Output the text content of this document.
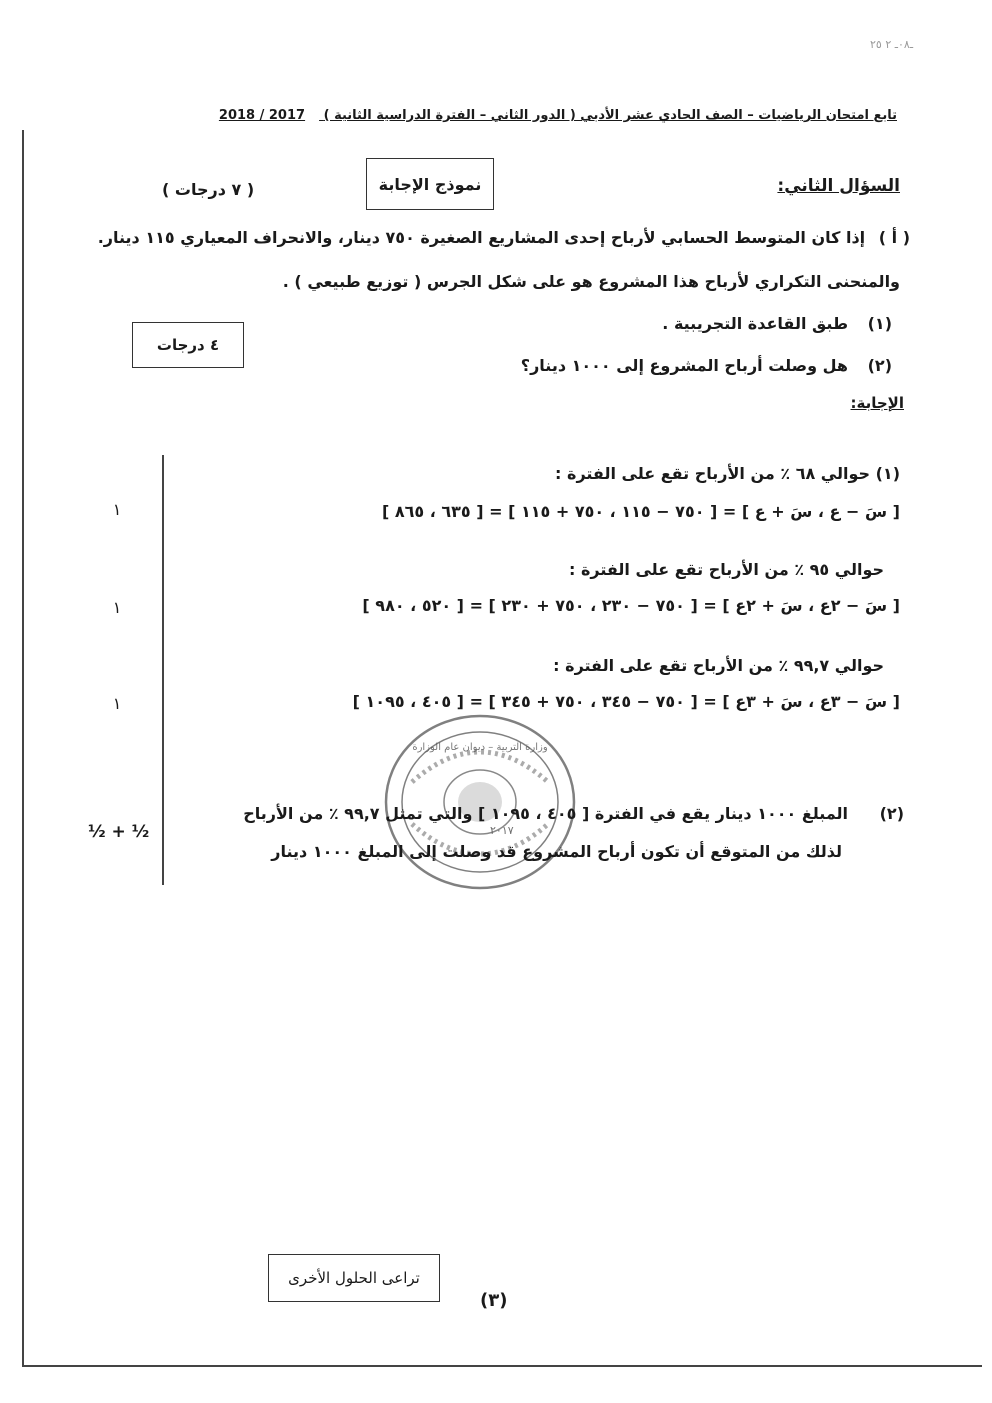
ـ٠٨ـ ٢ ٢٥
تابع امتحان الرياضيات – الصف الحادي عشر الأدبي ( الدور الثاني – الفترة الدراسية الثانية ) 2018 / 2017
السؤال الثاني:
نموذج الإجابة
( ٧ درجات )
( أ ) إذا كان المتوسط الحسابي لأرباح إحدى المشاريع الصغيرة ٧٥٠ دينار، والانحراف المعياري ١١٥ دينار.
والمنحنى التكراري لأرباح هذا المشروع هو على شكل الجرس ( توزيع طبيعي ) .
(١) طبق القاعدة التجريبية .
(٢) هل وصلت أرباح المشروع إلى ١٠٠٠ دينار؟
٤ درجات
الإجابة:
(١) حوالي ٦٨ ٪ من الأرباح تقع على الفترة :
[ سَ − ع ، سَ + ع ] = [ ٧٥٠ − ١١٥ ، ٧٥٠ + ١١٥ ] = [ ٦٣٥ ، ٨٦٥ ]
١
حوالي ٩٥ ٪ من الأرباح تقع على الفترة :
[ سَ − ٢ع ، سَ + ٢ع ] = [ ٧٥٠ − ٢٣٠ ، ٧٥٠ + ٢٣٠ ] = [ ٥٢٠ ، ٩٨٠ ]
١
حوالي ٩٩,٧ ٪ من الأرباح تقع على الفترة :
[ سَ − ٣ع ، سَ + ٣ع ] = [ ٧٥٠ − ٣٤٥ ، ٧٥٠ + ٣٤٥ ] = [ ٤٠٥ ، ١٠٩٥ ]
١
وزارة التربية – ديوان عام الوزارة
٢٠١٧
(٢) المبلغ ١٠٠٠ دينار يقع في الفترة [ ٤٠٥ ، ١٠٩٥ ] والتي تمثل ٩٩,٧ ٪ من الأرباح
لذلك من المتوقع أن تكون أرباح المشروع قد وصلت إلى المبلغ ١٠٠٠ دينار
½ + ½
تراعى الحلول الأخرى
(٣)
